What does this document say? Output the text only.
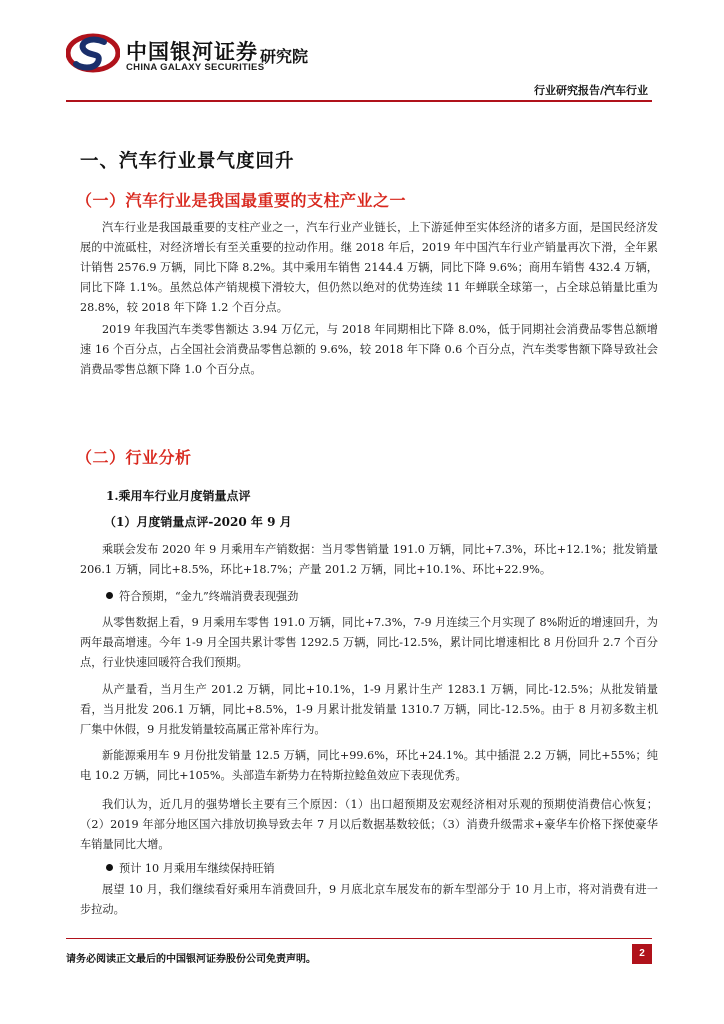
中国银河证券
CHINA GALAXY SECURITIES
研究院
行业研究报告/汽车行业
一、汽车行业景气度回升
（一）汽车行业是我国最重要的支柱产业之一
汽车行业是我国最重要的支柱产业之一，汽车行业产业链长，上下游延伸至实体经济的诸多方面，是国民经济发展的中流砥柱，对经济增长有至关重要的拉动作用。继 2018 年后，2019 年中国汽车行业产销量再次下滑，全年累计销售 2576.9 万辆，同比下降 8.2%。其中乘用车销售 2144.4 万辆，同比下降 9.6%；商用车销售 432.4 万辆，同比下降 1.1%。虽然总体产销规模下滑较大，但仍然以绝对的优势连续 11 年蝉联全球第一，占全球总销量比重为 28.8%，较 2018 年下降 1.2 个百分点。
2019 年我国汽车类零售额达 3.94 万亿元，与 2018 年同期相比下降 8.0%，低于同期社会消费品零售总额增速 16 个百分点，占全国社会消费品零售总额的 9.6%，较 2018 年下降 0.6 个百分点，汽车类零售额下降导致社会消费品零售总额下降 1.0 个百分点。
（二）行业分析
1.乘用车行业月度销量点评
（1）月度销量点评-2020 年 9 月
乘联会发布 2020 年 9 月乘用车产销数据：当月零售销量 191.0 万辆，同比+7.3%，环比+12.1%；批发销量 206.1 万辆，同比+8.5%，环比+18.7%；产量 201.2 万辆，同比+10.1%、环比+22.9%。
符合预期，“金九”终端消费表现强劲
从零售数据上看，9 月乘用车零售 191.0 万辆，同比+7.3%，7-9 月连续三个月实现了 8%附近的增速回升，为两年最高增速。今年 1-9 月全国共累计零售 1292.5 万辆，同比-12.5%，累计同比增速相比 8 月份回升 2.7 个百分点，行业快速回暖符合我们预期。
从产量看，当月生产 201.2 万辆，同比+10.1%，1-9 月累计生产 1283.1 万辆，同比-12.5%；从批发销量看，当月批发 206.1 万辆，同比+8.5%，1-9 月累计批发销量 1310.7 万辆，同比-12.5%。由于 8 月初多数主机厂集中休假，9 月批发销量较高属正常补库行为。
新能源乘用车 9 月份批发销量 12.5 万辆，同比+99.6%，环比+24.1%。其中插混 2.2 万辆，同比+55%；纯电 10.2 万辆，同比+105%。头部造车新势力在特斯拉鲶鱼效应下表现优秀。
我们认为，近几月的强势增长主要有三个原因：（1）出口超预期及宏观经济相对乐观的预期使消费信心恢复；（2）2019 年部分地区国六排放切换导致去年 7 月以后数据基数较低；（3）消费升级需求+豪华车价格下探使豪华车销量同比大增。
预计 10 月乘用车继续保持旺销
展望 10 月，我们继续看好乘用车消费回升，9 月底北京车展发布的新车型部分于 10 月上市，将对消费有进一步拉动。
请务必阅读正文最后的中国银河证券股份公司免责声明。
2
